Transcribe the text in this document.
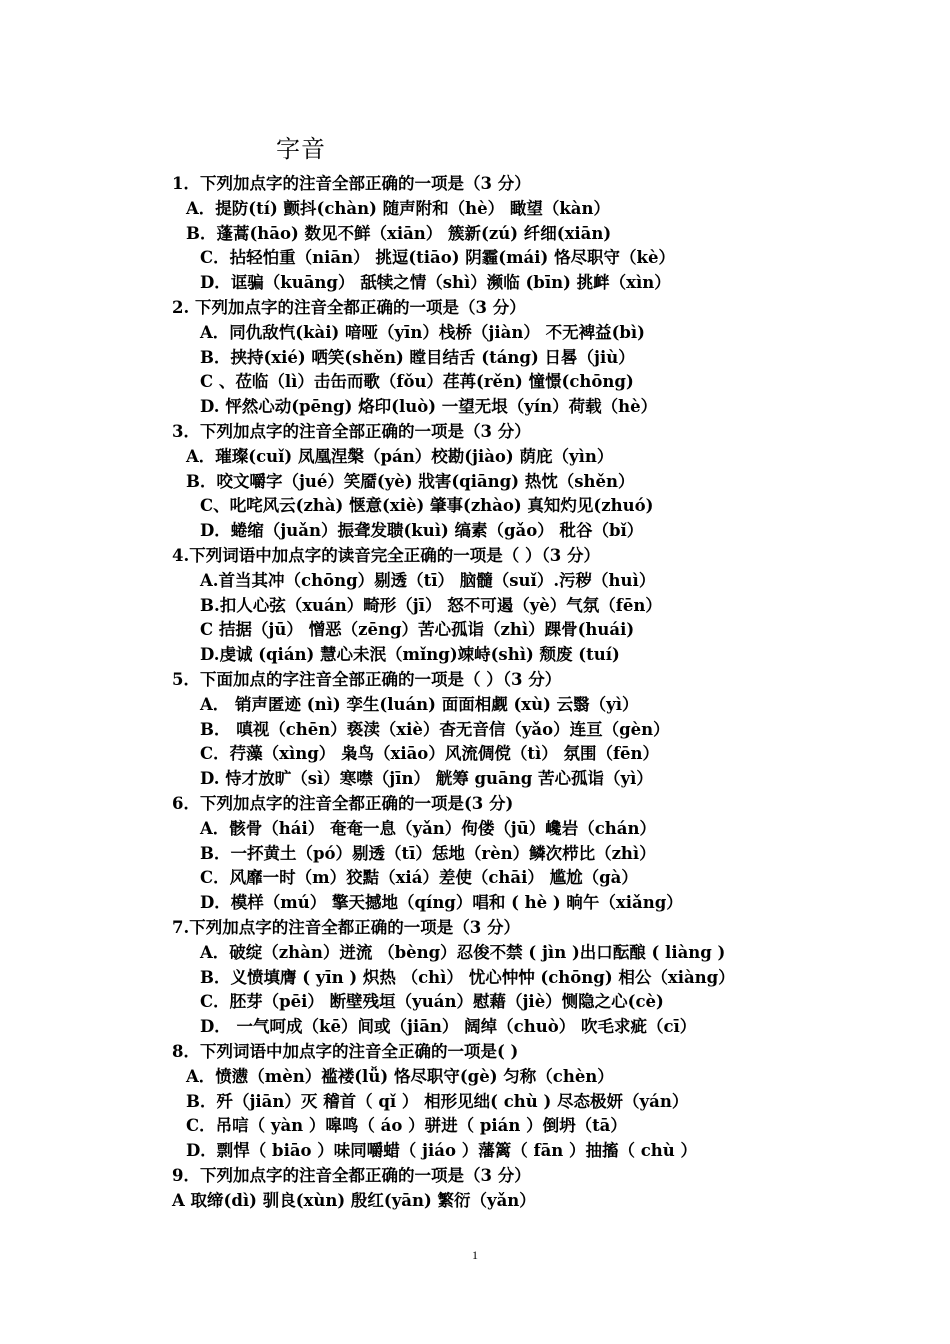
字音
1．下列加点字的注音全部正确的一项是（3 分）
A．提防(tí) 颤抖(chàn) 随声附和（hè） 瞰望（kàn）
B．蓬蒿(hāo) 数见不鲜（xiān） 簇新(zú) 纤细(xiān)
C．拈轻怕重（niān） 挑逗(tiāo) 阴霾(mái) 恪尽职守（kè）
D．诓骗（kuāng） 舐犊之情（shì）濒临 (bīn) 挑衅（xìn）
2. 下列加点字的注音全都正确的一项是（3 分）
A．同仇敌忾(kài) 喑哑（yīn）栈桥（jiàn） 不无裨益(bì)
B．挟持(xié) 哂笑(shěn) 瞠目结舌 (táng) 日晷（jiù）
C 、莅临（lì）击缶而歌（fǒu）荏苒(rěn) 憧憬(chōng)
D. 怦然心动(pēng) 烙印(luò) 一望无垠（yín）荷载（hè）
3．下列加点字的注音全部正确的一项是（3 分）
A．璀璨(cuǐ) 凤凰涅槃（pán）校勘(jiào) 荫庇（yìn）
B．咬文嚼字（jué）笑靥(yè) 戕害(qiāng) 热忱（shěn）
C、叱咤风云(zhà) 惬意(xiè) 肇事(zhào) 真知灼见(zhuó)
D．蜷缩（juǎn）振聋发聩(kuì) 缟素（gǎo） 秕谷（bǐ）
4.下列词语中加点字的读音完全正确的一项是（ ）（3 分）
A.首当其冲（chōng）剔透（tī） 脑髓（suǐ）.污秽（huì）
B.扣人心弦（xuán）畸形（jī） 怒不可遏（yè）气氛（fēn）
C 拮据（jū） 憎恶（zēng）苦心孤诣（zhì）踝骨(huái)
D.虔诚 (qián) 慧心未泯（mǐng)竦峙(shì) 颓废 (tuí)
5．下面加点的字注音全部正确的一项是（ ）（3 分）
A． 销声匿迹 (nì) 孪生(luán) 面面相觑 (xù) 云翳（yì）
B． 嗔视（chēn）亵渎（xiè）杳无音信（yǎo）连亘（gèn）
C．荇藻（xìng） 枭鸟（xiāo）风流倜傥（tì） 氛围（fēn）
D. 恃才放旷（sì）寒噤（jīn） 觥筹 guāng 苦心孤诣（yì）
6．下列加点字的注音全都正确的一项是(3 分)
A．骸骨（hái） 奄奄一息（yǎn）佝偻（jū）巉岩（chán）
B．一抔黄土（pó）剔透（tī）恁地（rèn）鳞次栉比（zhì）
C．风靡一时（m）狡黠（xiá）差使（chāi） 尴尬（gà）
D．模样（mú） 擎天撼地（qíng）唱和 ( hè ) 晌午（xiǎng）
7.下列加点字的注音全都正确的一项是（3 分）
A．破绽（zhàn）迸流 （bèng）忍俊不禁 ( jìn )出口酝酿 ( liàng )
B．义愤填膺 ( yīn ) 炽热 （chì） 忧心忡忡 (chōng) 相公（xiàng）
C．胚芽（pēi） 断壁残垣（yuán）慰藉（jiè）恻隐之心(cè)
D． 一气呵成（kē）间或（jiān） 阔绰（chuò） 吹毛求疵（cī）
8．下列词语中加点字的注音全正确的一项是( )
A．愤懑（mèn）褴褛(lǚ) 恪尽职守(gè) 匀称（chèn）
B．歼（jiān）灭 稽首（ qǐ ） 相形见绌( chù ) 尽态极妍（yán）
C．吊唁（ yàn ）嗥鸣（ áo ）骈进（ pián ）倒坍（tā）
D．剽悍（ biāo ）味同嚼蜡（ jiáo ）藩篱（ fān ）抽搐（ chù ）
9．下列加点字的注音全都正确的一项是（3 分）
A 取缔(dì) 驯良(xùn) 殷红(yān) 繁衍（yǎn）
1
